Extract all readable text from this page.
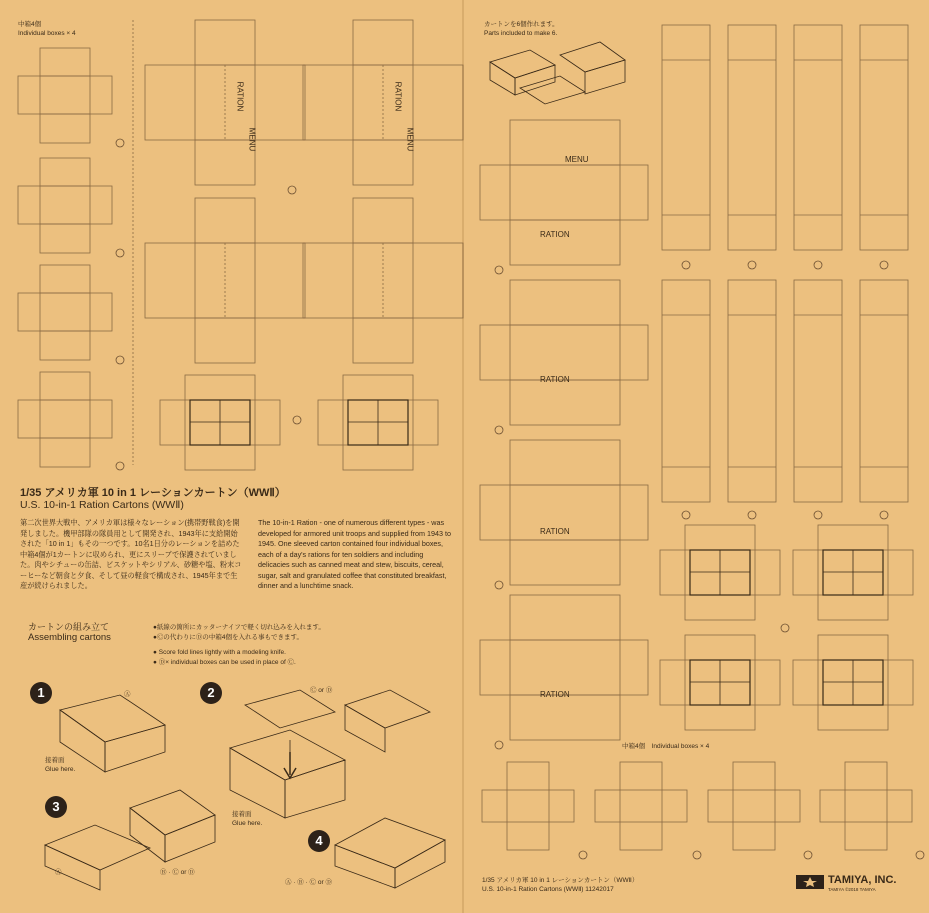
RATION
MENU
RATION
MENU
RATION
MENU
RATION
RATION
RATION
中箱4個
Individual boxes × 4
カートンを6個作れます。
Parts included to make 6.
中箱4個　 Individual boxes × 4
1/35 アメリカ軍 10 in 1 レーションカートン（WWⅡ）
U.S. 10-in-1 Ration Cartons (WWⅡ)
第二次世界大戦中、アメリカ軍は様々なレーション(携帯野戦食)を開発しました。機甲部隊の隊員用として開発され、1943年に支給開始された「10 in 1」もその一つです。10名1日分のレーションを詰めた中箱4個が1カートンに収められ、更にスリーブで保護されていました。肉やシチューの缶詰、ビスケットやシリアル、砂糖や塩、粉末コーヒーなど朝食と夕食、そして昼の軽食で構成され、1945年まで生産が続けられました。
The 10-in-1 Ration - one of numerous different types - was developed for armored unit troops and supplied from 1943 to 1945. One sleeved carton contained four individual boxes, each of a day's rations for ten soldiers and including delicacies such as canned meat and stew, biscuits, cereal, sugar, salt and granulated coffee that constituted breakfast, dinner and a lunchtime snack.
カートンの組み立て
Assembling cartons
●紙線の箇所にカッターナイフで軽く切れ込みを入れます。
●Ⓒの代わりにⒹの中箱4個を入れる事もできます。
● Score fold lines lightly with a modeling knife.
● Ⓓ× individual boxes can be used in place of Ⓒ.
1	2
3
4
接着面
Glue here.
接着面
Glue here.
Ⓒ or Ⓓ
Ⓑ · Ⓒ or Ⓓ
Ⓐ · Ⓑ · Ⓒ or Ⓓ
Ⓐ
Ⓐ
1/35 アメリカ軍 10 in 1 レーションカートン（WWⅡ）
U.S. 10-in-1 Ration Cartons (WWⅡ) 11242017
TAMIYA, INC.
TAMIYA ©2018 TAMIYA
